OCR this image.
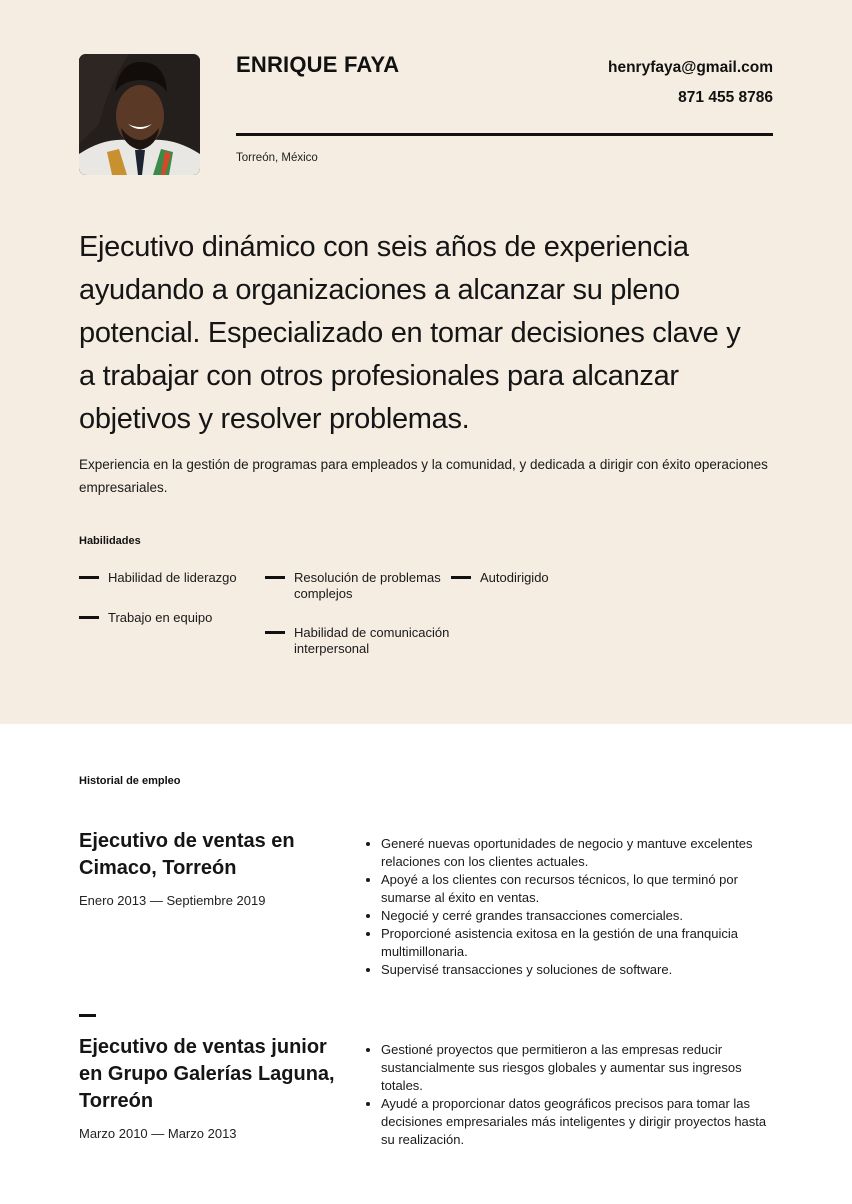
ENRIQUE FAYA	henryfaya@gmail.com
871 455 8786
Torreón, México
Ejecutivo dinámico con seis años de experiencia ayudando a organizaciones a alcanzar su pleno potencial. Especializado en tomar decisiones clave y a trabajar con otros profesionales para alcanzar objetivos y resolver problemas.
Experiencia en la gestión de programas para empleados y la comunidad, y dedicada a dirigir con éxito operaciones empresariales.
Habilidades
Habilidad de liderazgo	Resolución de problemas complejos
Autodirigido
Trabajo en equipo
Habilidad de comunicación interpersonal
Historial de empleo
Ejecutivo de ventas en Cimaco, Torreón
Enero 2013 — Septiembre 2019
Generé nuevas oportunidades de negocio y mantuve excelentes relaciones con los clientes actuales.
Apoyé a los clientes con recursos técnicos, lo que terminó por sumarse al éxito en ventas.
Negocié y cerré grandes transacciones comerciales.
Proporcioné asistencia exitosa en la gestión de una franquicia multimillonaria.
Supervisé transacciones y soluciones de software.
Ejecutivo de ventas junior en Grupo Galerías Laguna, Torreón
Marzo 2010 — Marzo 2013
Gestioné proyectos que permitieron a las empresas reducir sustancialmente sus riesgos globales y aumentar sus ingresos totales.
Ayudé a proporcionar datos geográficos precisos para tomar las decisiones empresariales más inteligentes y dirigir proyectos hasta su realización.
